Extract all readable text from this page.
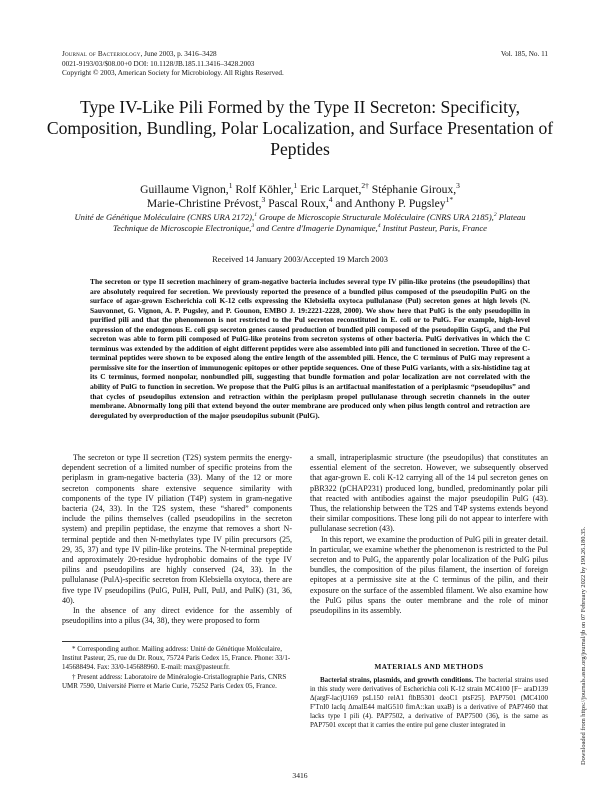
Journal of Bacteriology, June 2003, p. 3416–3428
0021-9193/03/$08.00+0 DOI: 10.1128/JB.185.11.3416–3428.2003
Copyright © 2003, American Society for Microbiology. All Rights Reserved.
Vol. 185, No. 11
Type IV-Like Pili Formed by the Type II Secreton: Specificity, Composition, Bundling, Polar Localization, and Surface Presentation of Peptides
Guillaume Vignon,$^1$ Rolf Köhler,$^1$ Eric Larquet,$^{2\dagger}$ Stéphanie Giroux,$^3$
Marie-Christine Prévost,$^3$ Pascal Roux,$^4$ and Anthony P. Pugsley$^{1*}$
Unité de Génétique Moléculaire (CNRS URA 2172),$^1$ Groupe de Microscopie Structurale Moléculaire (CNRS URA 2185),$^2$ Plateau Technique de Microscopie Electronique,$^3$ and Centre d'Imagerie Dynamique,$^4$ Institut Pasteur, Paris, France
Received 14 January 2003/Accepted 19 March 2003
The secreton or type II secretion machinery of gram-negative bacteria includes several type IV pilin-like proteins (the pseudopilins) that are absolutely required for secretion. We previously reported the presence of a bundled pilus composed of the pseudopilin PulG on the surface of agar-grown Escherichia coli K-12 cells expressing the Klebsiella oxytoca pullulanase (Pul) secreton genes at high levels (N. Sauvonnet, G. Vignon, A. P. Pugsley, and P. Gounon, EMBO J. 19:2221-2228, 2000). We show here that PulG is the only pseudopilin in purified pili and that the phenomenon is not restricted to the Pul secreton reconstituted in E. coli or to PulG. For example, high-level expression of the endogenous E. coli gsp secreton genes caused production of bundled pili composed of the pseudopilin GspG, and the Pul secreton was able to form pili composed of PulG-like proteins from secreton systems of other bacteria. PulG derivatives in which the C terminus was extended by the addition of eight different peptides were also assembled into pili and functioned in secretion. Three of the C-terminal peptides were shown to be exposed along the entire length of the assembled pili. Hence, the C terminus of PulG may represent a permissive site for the insertion of immunogenic epitopes or other peptide sequences. One of these PulG variants, with a six-histidine tag at its C terminus, formed nonpolar, nonbundled pili, suggesting that bundle formation and polar localization are not correlated with the ability of PulG to function in secretion. We propose that the PulG pilus is an artifactual manifestation of a periplasmic “pseudopilus” and that cycles of pseudopilus extension and retraction within the periplasm propel pullulanase through secretin channels in the outer membrane. Abnormally long pili that extend beyond the outer membrane are produced only when pilus length control and retraction are deregulated by overproduction of the major pseudopilus subunit (PulG).

The secreton or type II secretion (T2S) system permits the energy-dependent secretion of a limited number of specific proteins from the periplasm in gram-negative bacteria (33). Many of the 12 or more secreton components share extensive sequence similarity with components of the type IV piliation (T4P) system in gram-negative bacteria (24, 33). In the T2S system, these “shared” components include the pilins themselves (called pseudopilins in the secreton system) and prepilin peptidase, the enzyme that removes a short N-terminal peptide and then N-methylates type IV pilin precursors (25, 29, 35, 37) and type IV pilin-like proteins. The N-terminal prepeptide and approximately 20-residue hydrophobic domains of the type IV pilins and pseudopilins are highly conserved (24, 33). In the pullulanase (PulA)-specific secreton from Klebsiella oxytoca, there are five type IV pseudopilins (PulG, PulH, PulI, PulJ, and PulK) (31, 36, 40).

In the absence of any direct evidence for the assembly of pseudopilins into a pilus (34, 38), they were proposed to form

a small, intraperiplasmic structure (the pseudopilus) that constitutes an essential element of the secreton. However, we subsequently observed that agar-grown E. coli K-12 carrying all of the 14 pul secreton genes on pBR322 (pCHAP231) produced long, bundled, predominantly polar pili that reacted with antibodies against the major pseudopilin PulG (43). Thus, the relationship between the T2S and T4P systems extends beyond their similar compositions. These long pili do not appear to interfere with pullulanase secretion (43).

In this report, we examine the production of PulG pili in greater detail. In particular, we examine whether the phenomenon is restricted to the Pul secreton and to PulG, the apparently polar localization of the PulG pilus bundles, the composition of the pilus filament, the insertion of foreign epitopes at a permissive site at the C terminus of the pilin, and their exposure on the surface of the assembled filament. We also examine how the PulG pilus spans the outer membrane and the role of minor pseudopilins in its assembly.

* Corresponding author. Mailing address: Unité de Génétique Moléculaire, Institut Pasteur, 25, rue du Dr. Roux, 75724 Paris Cedex 15, France. Phone: 33/1-145688494. Fax: 33/0-145688960. E-mail: max@pasteur.fr.

† Present address: Laboratoire de Minéralogie-Cristallographie Paris, CNRS UMR 7590, Université Pierre et Marie Curie, 75252 Paris Cedex 05, France.

MATERIALS AND METHODS
Bacterial strains, plasmids, and growth conditions. The bacterial strains used in this study were derivatives of Escherichia coli K-12 strain MC4100 [F− araD139 Δ(argF-lac)U169 psL150 relA1 flbB5301 deoC1 ptsF25]. PAP7501 (MC4100 F′TnI0 lacIq ΔmalE44 malG510 fimA::kan uxaB) is a derivative of PAP7460 that lacks type I pili (4). PAP7502, a derivative of PAP7500 (36), is the same as PAP7501 except that it carries the entire pul gene cluster integrated in
3416
Downloaded from https://journals.asm.org/journal/jb on 07 February 2022 by 190.26.180.35.
